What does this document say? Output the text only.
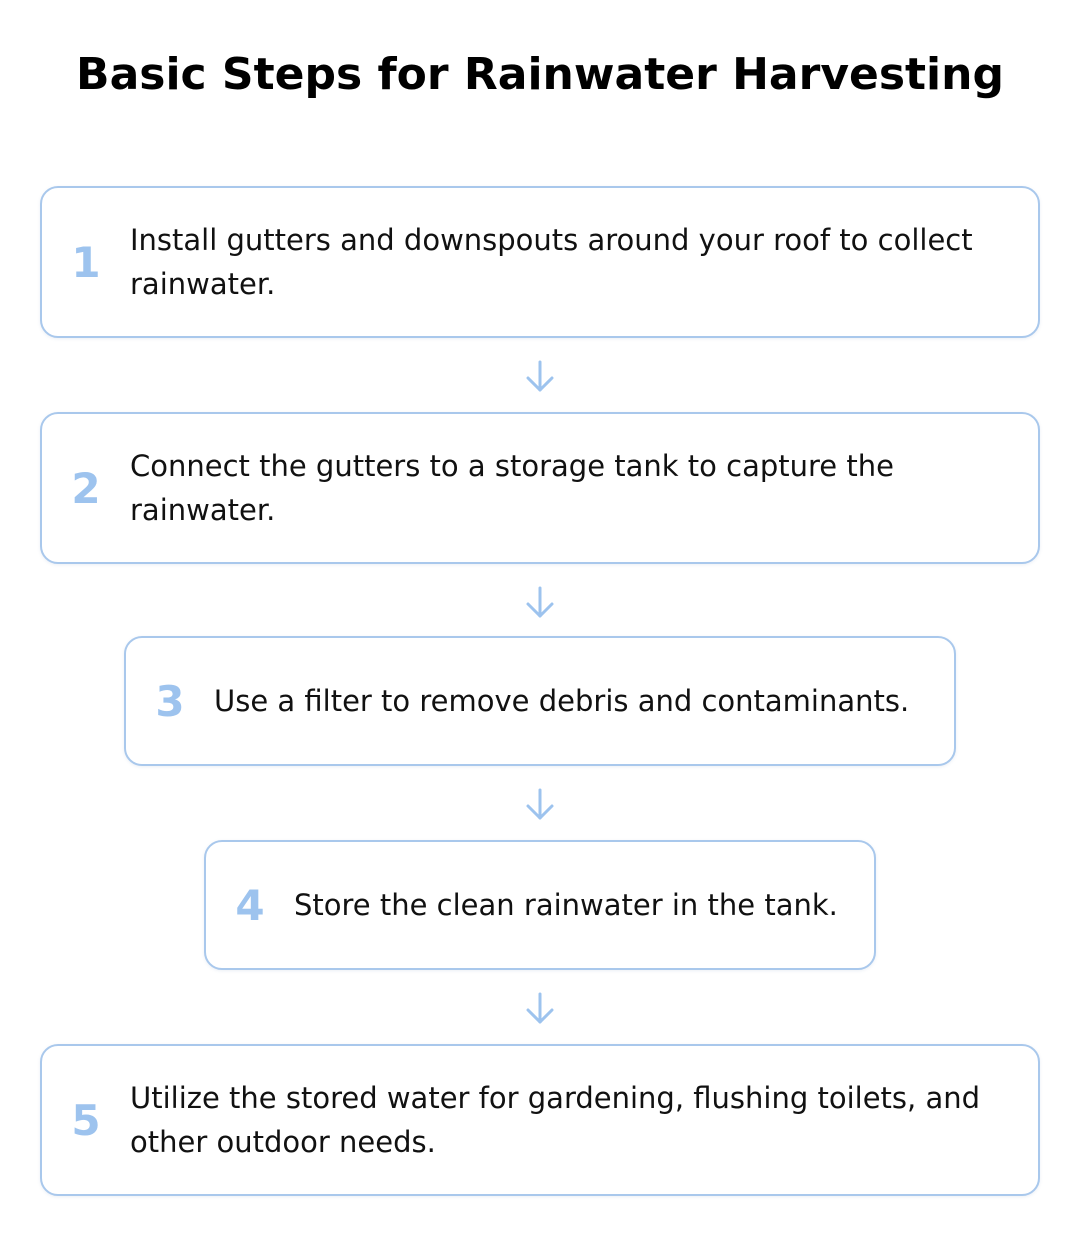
Basic Steps for Rainwater Harvesting
1	Install gutters and downspouts around your roof to collect rainwater.
2	Connect the gutters to a storage tank to capture the rainwater.
3	Use a filter to remove debris and contaminants.
4	Store the clean rainwater in the tank.
5	Utilize the stored water for gardening, flushing toilets, and other outdoor needs.
